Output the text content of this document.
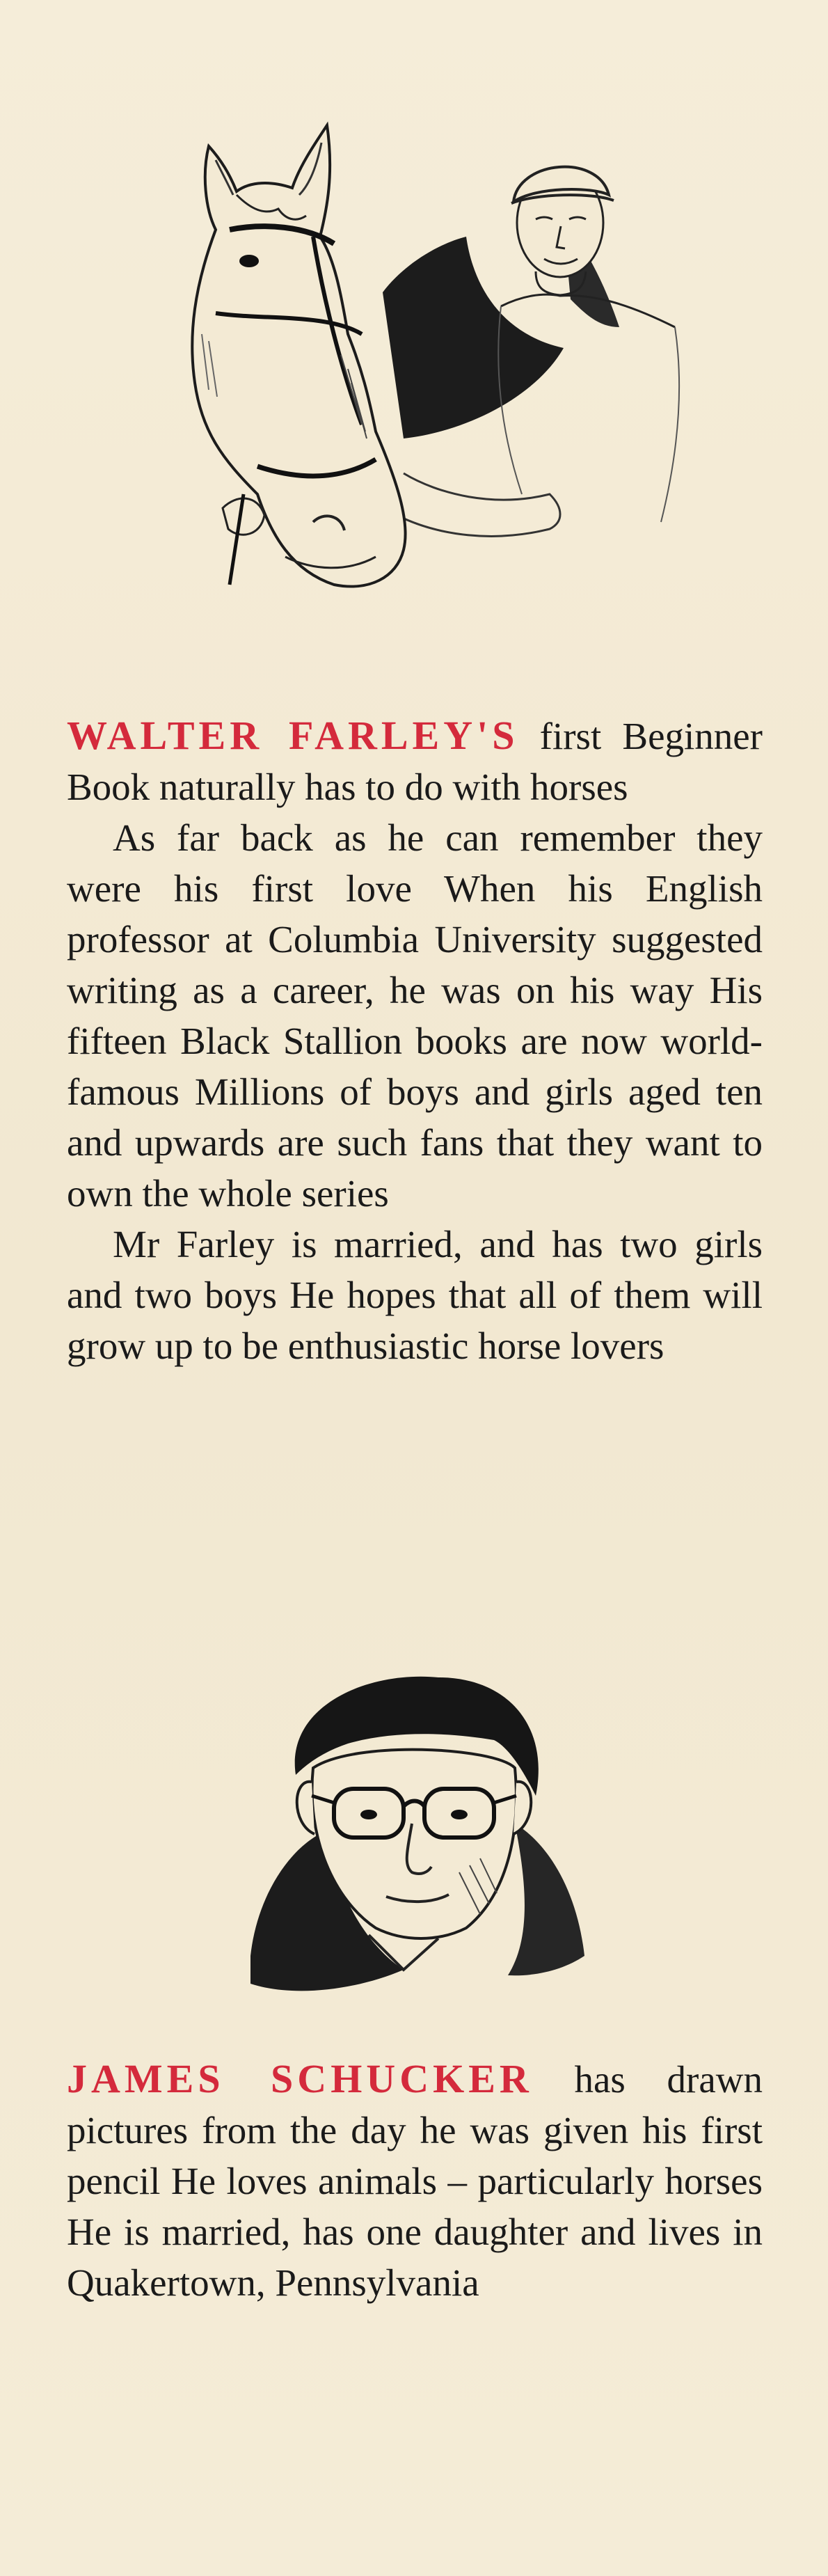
WALTER FARLEY'S first Beginner Book naturally has to do with horses

As far back as he can remember they were his first love When his English professor at Columbia University suggested writing as a career, he was on his way His fifteen Black Stallion books are now world-famous Millions of boys and girls aged ten and upwards are such fans that they want to own the whole series

Mr Farley is married, and has two girls and two boys He hopes that all of them will grow up to be enthusiastic horse lovers

JAMES SCHUCKER has drawn pictures from the day he was given his first pencil He loves animals – particularly horses He is married, has one daughter and lives in Quakertown, Pennsylvania
